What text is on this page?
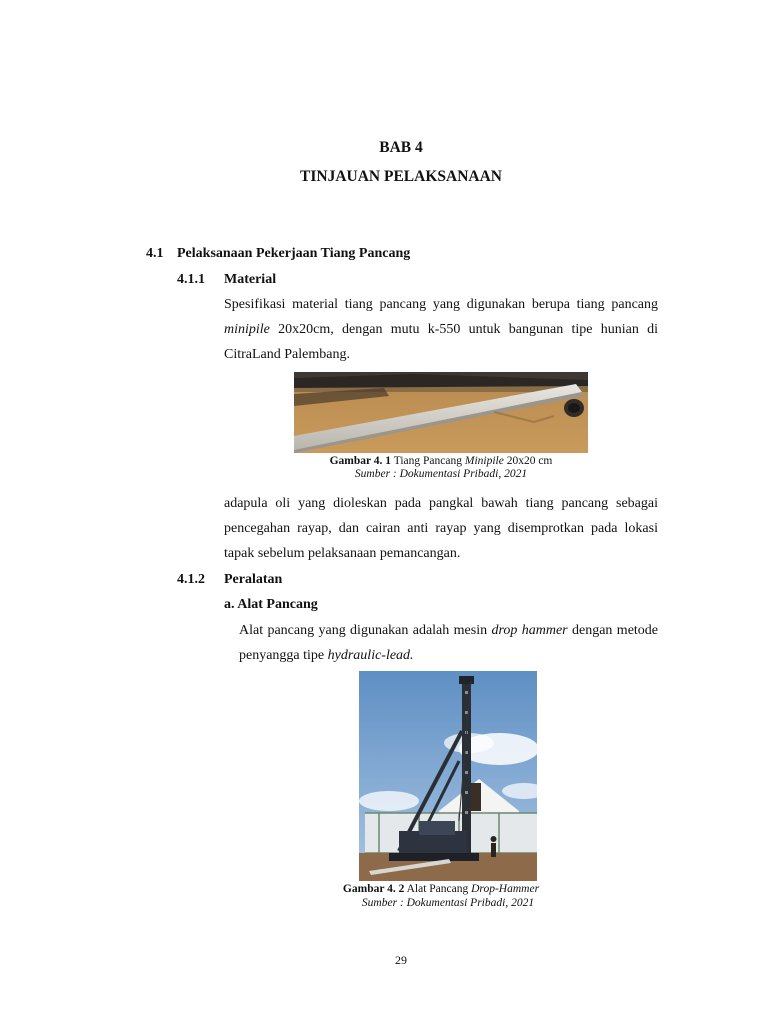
BAB 4
TINJAUAN PELAKSANAAN
4.1 Pelaksanaan Pekerjaan Tiang Pancang
4.1.1 Material
Spesifikasi material tiang pancang yang digunakan berupa tiang pancang minipile 20x20cm, dengan mutu k-550 untuk bangunan tipe hunian di CitraLand Palembang.
Gambar 4. 1 Tiang Pancang Minipile 20x20 cm
Sumber : Dokumentasi Pribadi, 2021
adapula oli yang dioleskan pada pangkal bawah tiang pancang sebagai pencegahan rayap, dan cairan anti rayap yang disemprotkan pada lokasi tapak sebelum pelaksanaan pemancangan.
4.1.2 Peralatan
a. Alat Pancang
Alat pancang yang digunakan adalah mesin drop hammer dengan metode penyangga tipe hydraulic-lead.
Gambar 4. 2 Alat Pancang Drop-Hammer
Sumber : Dokumentasi Pribadi, 2021
29
